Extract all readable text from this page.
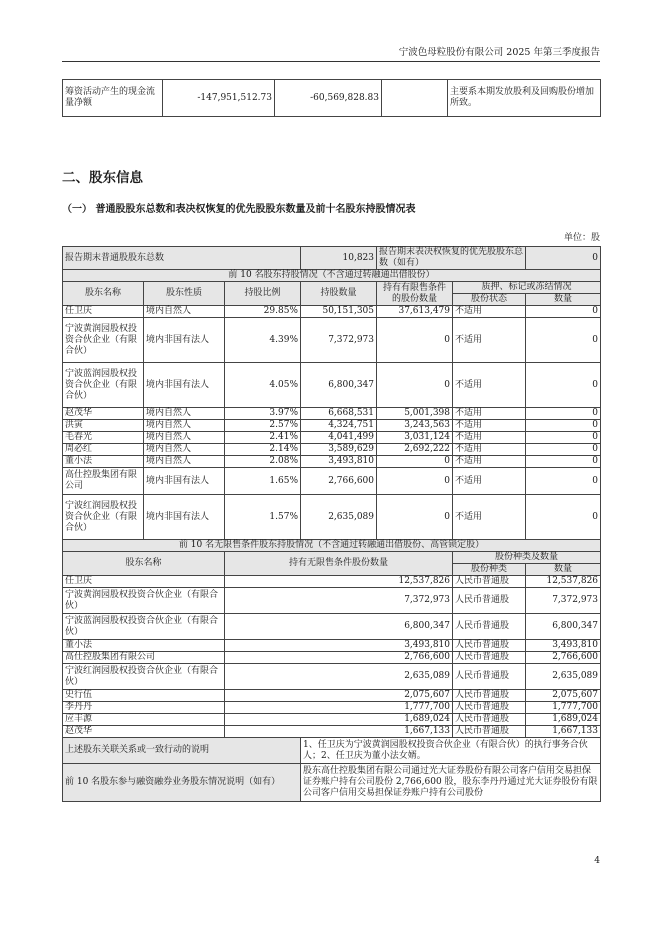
宁波色母粒股份有限公司 2025 年第三季度报告
筹资活动产生的现金流量净额	-147,951,512.73	-60,569,828.83		主要系本期发放股利及回购股份增加所致。
二、股东信息
（一） 普通股股东总数和表决权恢复的优先股股东数量及前十名股东持股情况表
单位：股
报告期末普通股股东总数			10,823	报告期末表决权恢复的优先股股东总数（如有）		0
前 10 名股东持股情况（不含通过转融通出借股份）						
股东名称	股东性质	持股比例	持股数量	持有有限售条件的股份数量	质押、标记或冻结情况	
					股份状态	数量
任卫庆	境内自然人	29.85%	50,151,305	37,613,479	不适用	0
宁波黄润园股权投资合伙企业（有限合伙）	境内非国有法人	4.39%	7,372,973	0	不适用	0
宁波蓝润园股权投资合伙企业（有限合伙）	境内非国有法人	4.05%	6,800,347	0	不适用	0
赵茂华	境内自然人	3.97%	6,668,531	5,001,398	不适用	0
洪寅	境内自然人	2.57%	4,324,751	3,243,563	不适用	0
毛春光	境内自然人	2.41%	4,041,499	3,031,124	不适用	0
周必红	境内自然人	2.14%	3,589,629	2,692,222	不适用	0
董小法	境内自然人	2.08%	3,493,810	0	不适用	0
高仕控股集团有限公司	境内非国有法人	1.65%	2,766,600	0	不适用	0
宁波红润园股权投资合伙企业（有限合伙）	境内非国有法人	1.57%	2,635,089	0	不适用	0
前 10 名无限售条件股东持股情况（不含通过转融通出借股份、高管锁定股）						
股东名称		持有无限售条件股份数量			股份种类及数量	
					股份种类	数量
任卫庆		12,537,826			人民币普通股	12,537,826
宁波黄润园股权投资合伙企业（有限合伙）		7,372,973			人民币普通股	7,372,973
宁波蓝润园股权投资合伙企业（有限合伙）		6,800,347			人民币普通股	6,800,347
董小法		3,493,810			人民币普通股	3,493,810
高仕控股集团有限公司		2,766,600			人民币普通股	2,766,600
宁波红润园股权投资合伙企业（有限合伙）		2,635,089			人民币普通股	2,635,089
史行伍		2,075,607			人民币普通股	2,075,607
李丹丹		1,777,700			人民币普通股	1,777,700
应丰源		1,689,024			人民币普通股	1,689,024
赵茂华		1,667,133			人民币普通股	1,667,133
上述股东关联关系或一致行动的说明			1、任卫庆为宁波黄润园股权投资合伙企业（有限合伙）的执行事务合伙人；2、任卫庆为董小法女婿。			
前 10 名股东参与融资融券业务股东情况说明（如有）			股东高仕控股集团有限公司通过光大证券股份有限公司客户信用交易担保证券账户持有公司股份 2,766,600 股，股东李丹丹通过光大证券股份有限公司客户信用交易担保证券账户持有公司股份			
4
